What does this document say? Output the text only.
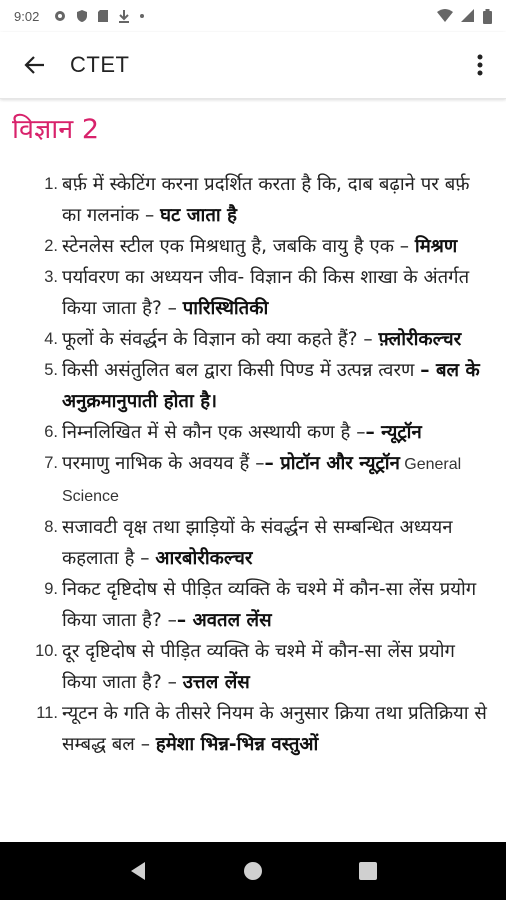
9:02
CTET
विज्ञान 2
1. बर्फ़ में स्केटिंग करना प्रदर्शित करता है कि, दाब बढ़ाने पर बर्फ़ का गलनांक – घट जाता है
2. स्टेनलेस स्टील एक मिश्रधातु है, जबकि वायु है एक – मिश्रण
3. पर्यावरण का अध्ययन जीव- विज्ञान की किस शाखा के अंतर्गत किया जाता है? – पारिस्थितिकी
4. फूलों के संवर्द्धन के विज्ञान को क्या कहते हैं? – फ़्लोरीकल्चर
5. किसी असंतुलित बल द्वारा किसी पिण्ड में उत्पन्न त्वरण – बल के अनुक्रमानुपाती होता है।
6. निम्नलिखित में से कौन एक अस्थायी कण है –– न्यूट्रॉन
7. परमाणु नाभिक के अवयव हैं –– प्रोटॉन और न्यूट्रॉन General Science
8. सजावटी वृक्ष तथा झाड़ियों के संवर्द्धन से सम्बन्धित अध्ययन कहलाता है – आरबोरीकल्चर
9. निकट दृष्टिदोष से पीड़ित व्यक्ति के चश्मे में कौन-सा लेंस प्रयोग किया जाता है? –– अवतल लेंस
10. दूर दृष्टिदोष से पीड़ित व्यक्ति के चश्मे में कौन-सा लेंस प्रयोग किया जाता है? – उत्तल लेंस
11. न्यूटन के गति के तीसरे नियम के अनुसार क्रिया तथा प्रतिक्रिया से सम्बद्ध बल – हमेशा भिन्न-भिन्न वस्तुओं
